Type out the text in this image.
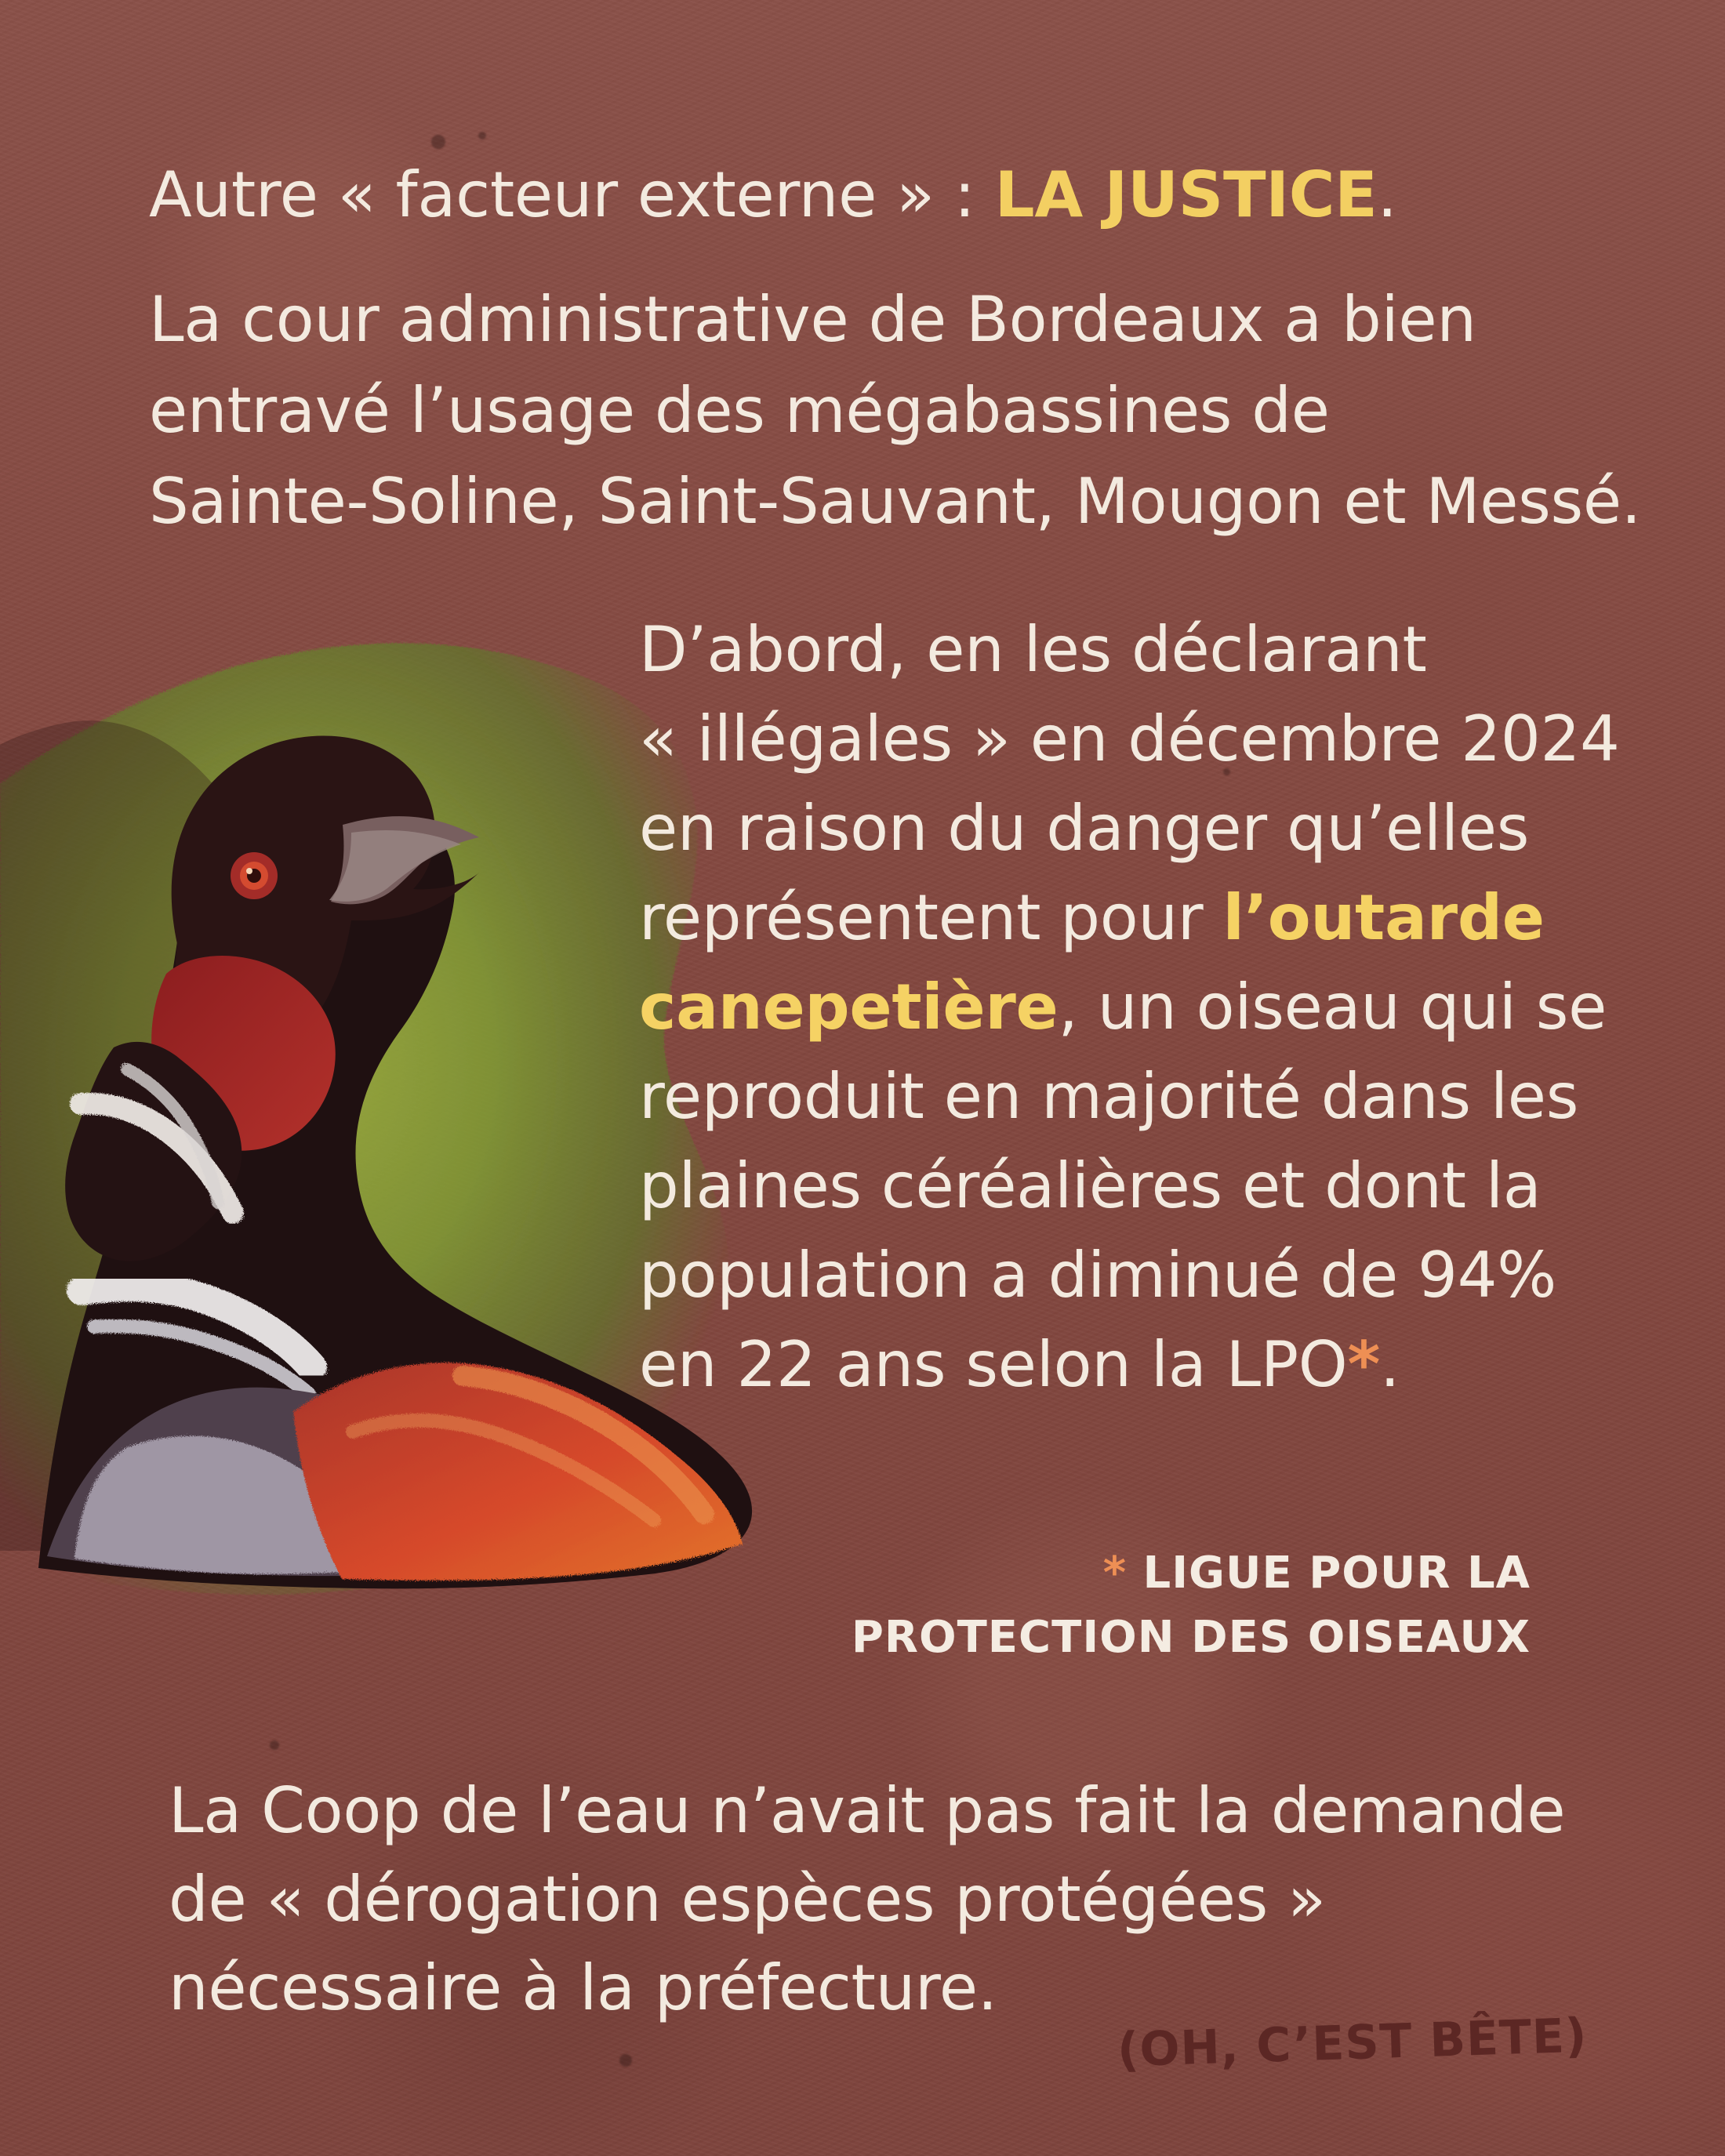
Autre « facteur externe » : LA JUSTICE.
La cour administrative de Bordeaux a bien
entravé l’usage des mégabassines de
Sainte-Soline, Saint-Sauvant, Mougon et Messé.
D’abord, en les déclarant
« illégales » en décembre 2024
en raison du danger qu’elles
représentent pour l’outarde
canepetière, un oiseau qui se
reproduit en majorité dans les
plaines céréalières et dont la
population a diminué de 94%
en 22 ans selon la LPO*.
* LIGUE POUR LA
PROTECTION DES OISEAUX
La Coop de l’eau n’avait pas fait la demande
de « dérogation espèces protégées »
nécessaire à la préfecture.
(OH, C’EST BÊTE)
